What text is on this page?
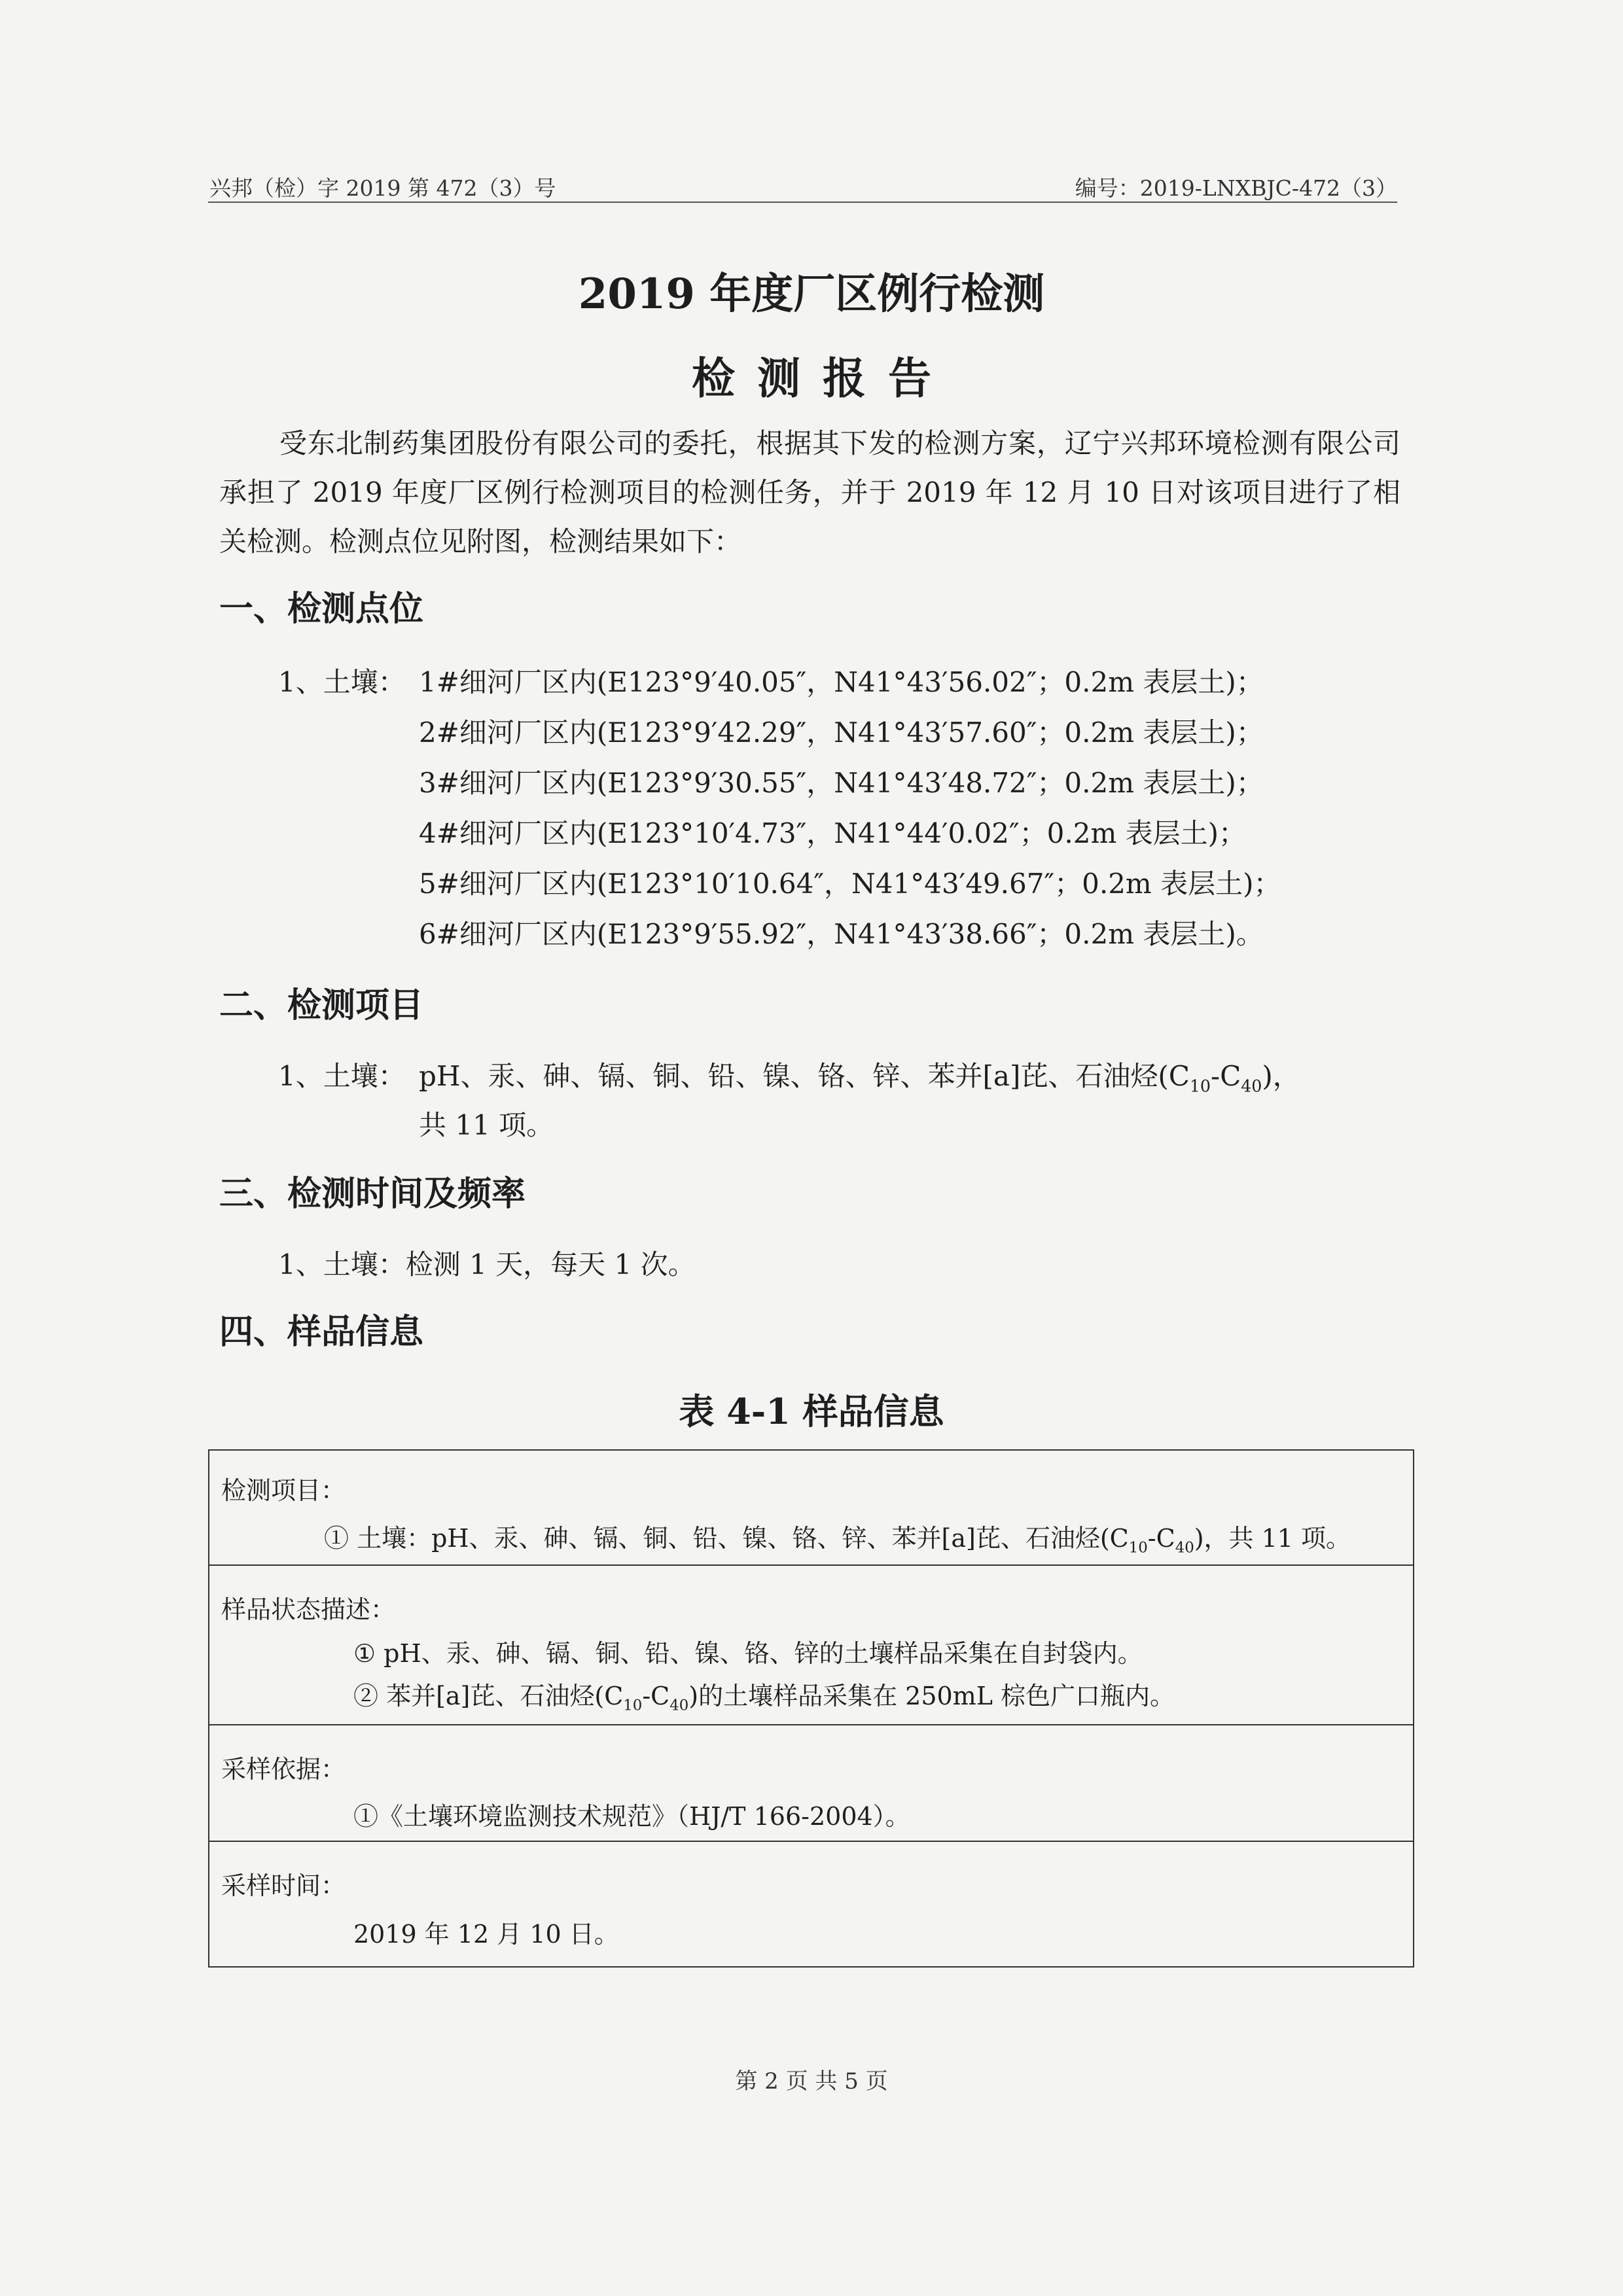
兴邦（检）字 2019 第 472（3）号	编号：2019-LNXBJC-472（3）
2019 年度厂区例行检测
检测报告
受东北制药集团股份有限公司的委托，根据其下发的检测方案，辽宁兴邦环境检测有限公司承担了 2019 年度厂区例行检测项目的检测任务，并于 2019 年 12 月 10 日对该项目进行了相关检测。检测点位见附图，检测结果如下：
一、检测点位
1、土壤： 1#细河厂区内(E123°9′40.05″，N41°43′56.02″；0.2m 表层土)；
2#细河厂区内(E123°9′42.29″，N41°43′57.60″；0.2m 表层土)；
3#细河厂区内(E123°9′30.55″，N41°43′48.72″；0.2m 表层土)；
4#细河厂区内(E123°10′4.73″，N41°44′0.02″；0.2m 表层土)；
5#细河厂区内(E123°10′10.64″，N41°43′49.67″；0.2m 表层土)；
6#细河厂区内(E123°9′55.92″，N41°43′38.66″；0.2m 表层土)。
二、检测项目
1、土壤： pH、汞、砷、镉、铜、铅、镍、铬、锌、苯并[a]芘、石油烃$(C_{10}-C_{40})$，
共 11 项。
三、检测时间及频率
1、土壤：检测 1 天，每天 1 次。
四、样品信息
表 4-1 样品信息
检测项目：
① 土壤：pH、汞、砷、镉、铜、铅、镍、铬、锌、苯并[a]芘、石油烃$(C_{10}-C_{40})$，共 11 项。
样品状态描述：
① pH、汞、砷、镉、铜、铅、镍、铬、锌的土壤样品采集在自封袋内。
② 苯并[a]芘、石油烃$(C_{10}-C_{40})$的土壤样品采集在 250mL 棕色广口瓶内。
采样依据：
①《土壤环境监测技术规范》（HJ/T 166-2004）。
采样时间：
2019 年 12 月 10 日。
第 2 页 共 5 页
